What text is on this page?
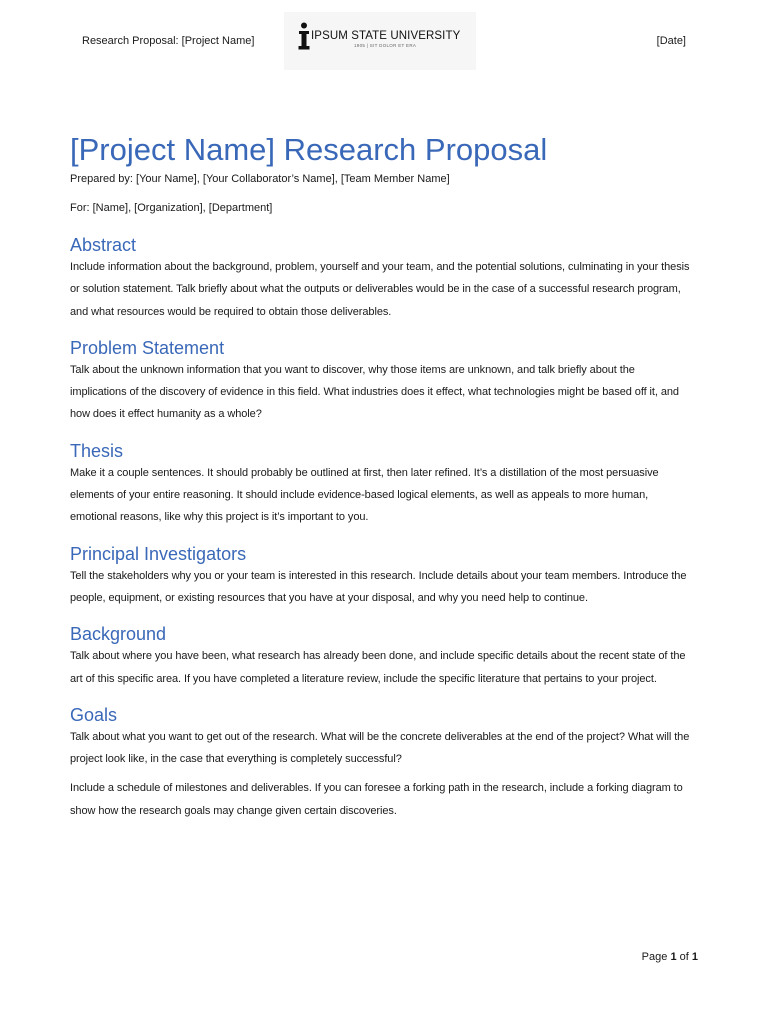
Research Proposal: [Project Name]	IPSUM STATE UNIVERSITY
1905 | SIT DOLOR ET ERA	[Date]
[Project Name] Research Proposal

Prepared by: [Your Name], [Your Collaborator’s Name], [Team Member Name]

For: [Name], [Organization], [Department]

Abstract

Include information about the background, problem, yourself and your team, and the potential solutions, culminating in your thesis or solution statement. Talk briefly about what the outputs or deliverables would be in the case of a successful research program, and what resources would be required to obtain those deliverables.

Problem Statement

Talk about the unknown information that you want to discover, why those items are unknown, and talk briefly about the implications of the discovery of evidence in this field. What industries does it effect, what technologies might be based off it, and how does it effect humanity as a whole?

Thesis

Make it a couple sentences. It should probably be outlined at first, then later refined. It’s a distillation of the most persuasive elements of your entire reasoning. It should include evidence-based logical elements, as well as appeals to more human, emotional reasons, like why this project is it’s important to you.

Principal Investigators

Tell the stakeholders why you or your team is interested in this research. Include details about your team members. Introduce the people, equipment, or existing resources that you have at your disposal, and why you need help to continue.

Background

Talk about where you have been, what research has already been done, and include specific details about the recent state of the art of this specific area. If you have completed a literature review, include the specific literature that pertains to your project.

Goals

Talk about what you want to get out of the research. What will be the concrete deliverables at the end of the project? What will the project look like, in the case that everything is completely successful?

Include a schedule of milestones and deliverables. If you can foresee a forking path in the research, include a forking diagram to show how the research goals may change given certain discoveries.

Page 1 of 1
